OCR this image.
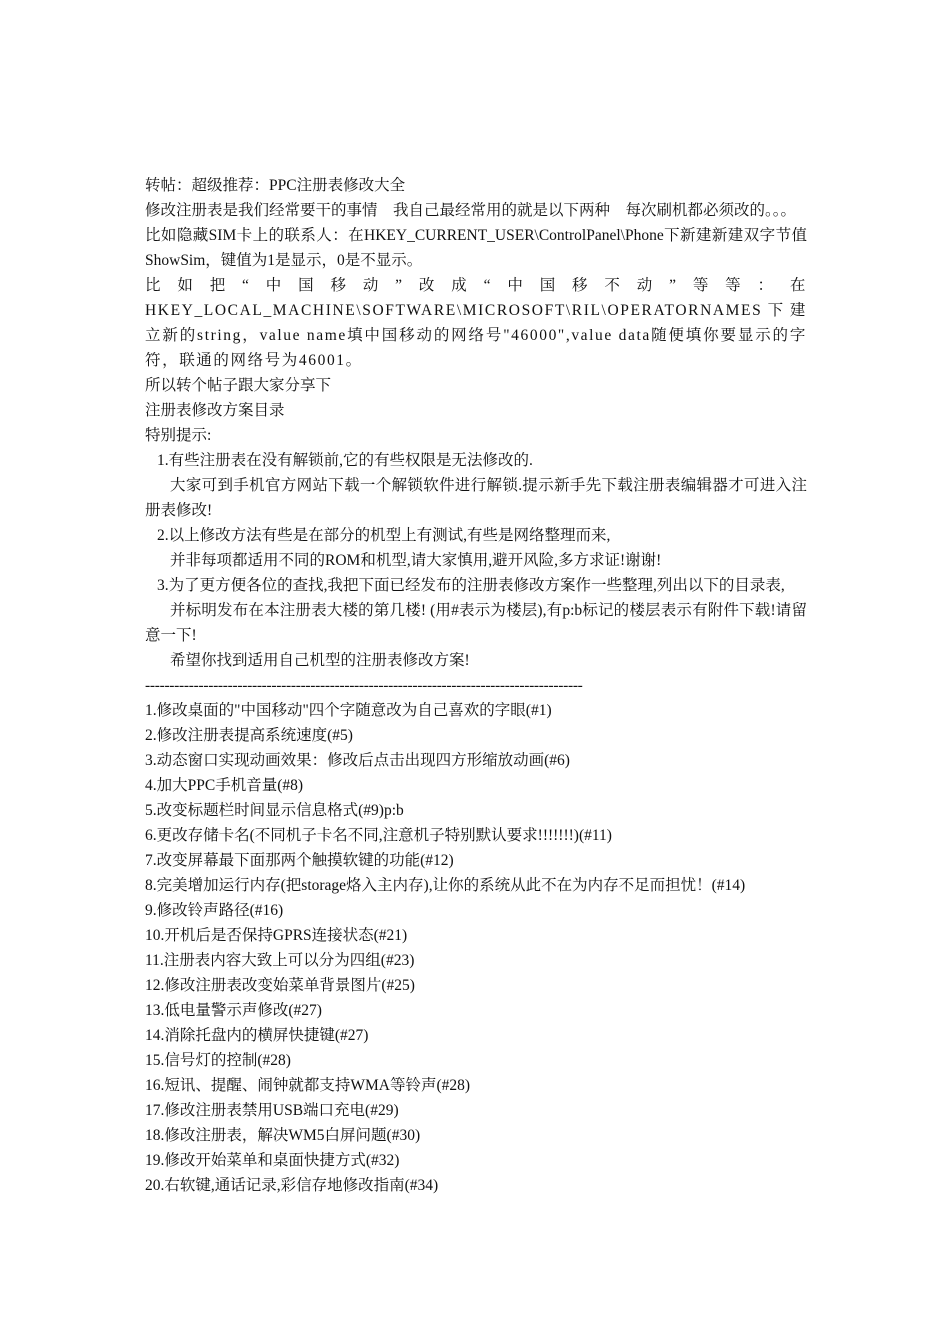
转帖：超级推荐：PPC注册表修改大全

修改注册表是我们经常要干的事情　我自己最经常用的就是以下两种　每次刷机都必须改的。。。

比如隐藏SIM卡上的联系人：在HKEY_CURRENT_USER\ControlPanel\Phone下新建新建双字节值ShowSim，键值为1是显示，0是不显示。

比如把“中国移动”改成“中国移不动”等等：在HKEY_LOCAL_MACHINE\SOFTWARE\MICROSOFT\RIL\OPERATORNAMES下建立新的string，value name填中国移动的网络号"46000",value data随便填你要显示的字符，联通的网络号为46001。

所以转个帖子跟大家分享下

注册表修改方案目录

特别提示:

1.有些注册表在没有解锁前,它的有些权限是无法修改的.

大家可到手机官方网站下载一个解锁软件进行解锁.提示新手先下载注册表编辑器才可进入注册表修改!

2.以上修改方法有些是在部分的机型上有测试,有些是网络整理而来,

并非每项都适用不同的ROM和机型,请大家慎用,避开风险,多方求证!谢谢!

3.为了更方便各位的查找,我把下面已经发布的注册表修改方案作一些整理,列出以下的目录表,

并标明发布在本注册表大楼的第几楼! (用#表示为楼层),有p:b标记的楼层表示有附件下载!请留意一下!

希望你找到适用自己机型的注册表修改方案!

------------------------------------------------------------------------------------------

1.修改桌面的"中国移动"四个字随意改为自己喜欢的字眼(#1)
2.修改注册表提高系统速度(#5)
3.动态窗口实现动画效果：修改后点击出现四方形缩放动画(#6)
4.加大PPC手机音量(#8)
5.改变标题栏时间显示信息格式(#9)p:b
6.更改存储卡名(不同机子卡名不同,注意机子特别默认要求!!!!!!!)(#11)
7.改变屏幕最下面那两个触摸软键的功能(#12)
8.完美增加运行内存(把storage烙入主内存),让你的系统从此不在为内存不足而担忧！(#14)
9.修改铃声路径(#16)
10.开机后是否保持GPRS连接状态(#21)
11.注册表内容大致上可以分为四组(#23)
12.修改注册表改变始菜单背景图片(#25)
13.低电量警示声修改(#27)
14.消除托盘内的横屏快捷键(#27)
15.信号灯的控制(#28)
16.短讯、提醒、闹钟就都支持WMA等铃声(#28)
17.修改注册表禁用USB端口充电(#29)
18.修改注册表，解决WM5白屏问题(#30)
19.修改开始菜单和桌面快捷方式(#32)
20.右软键,通话记录,彩信存地修改指南(#34)
